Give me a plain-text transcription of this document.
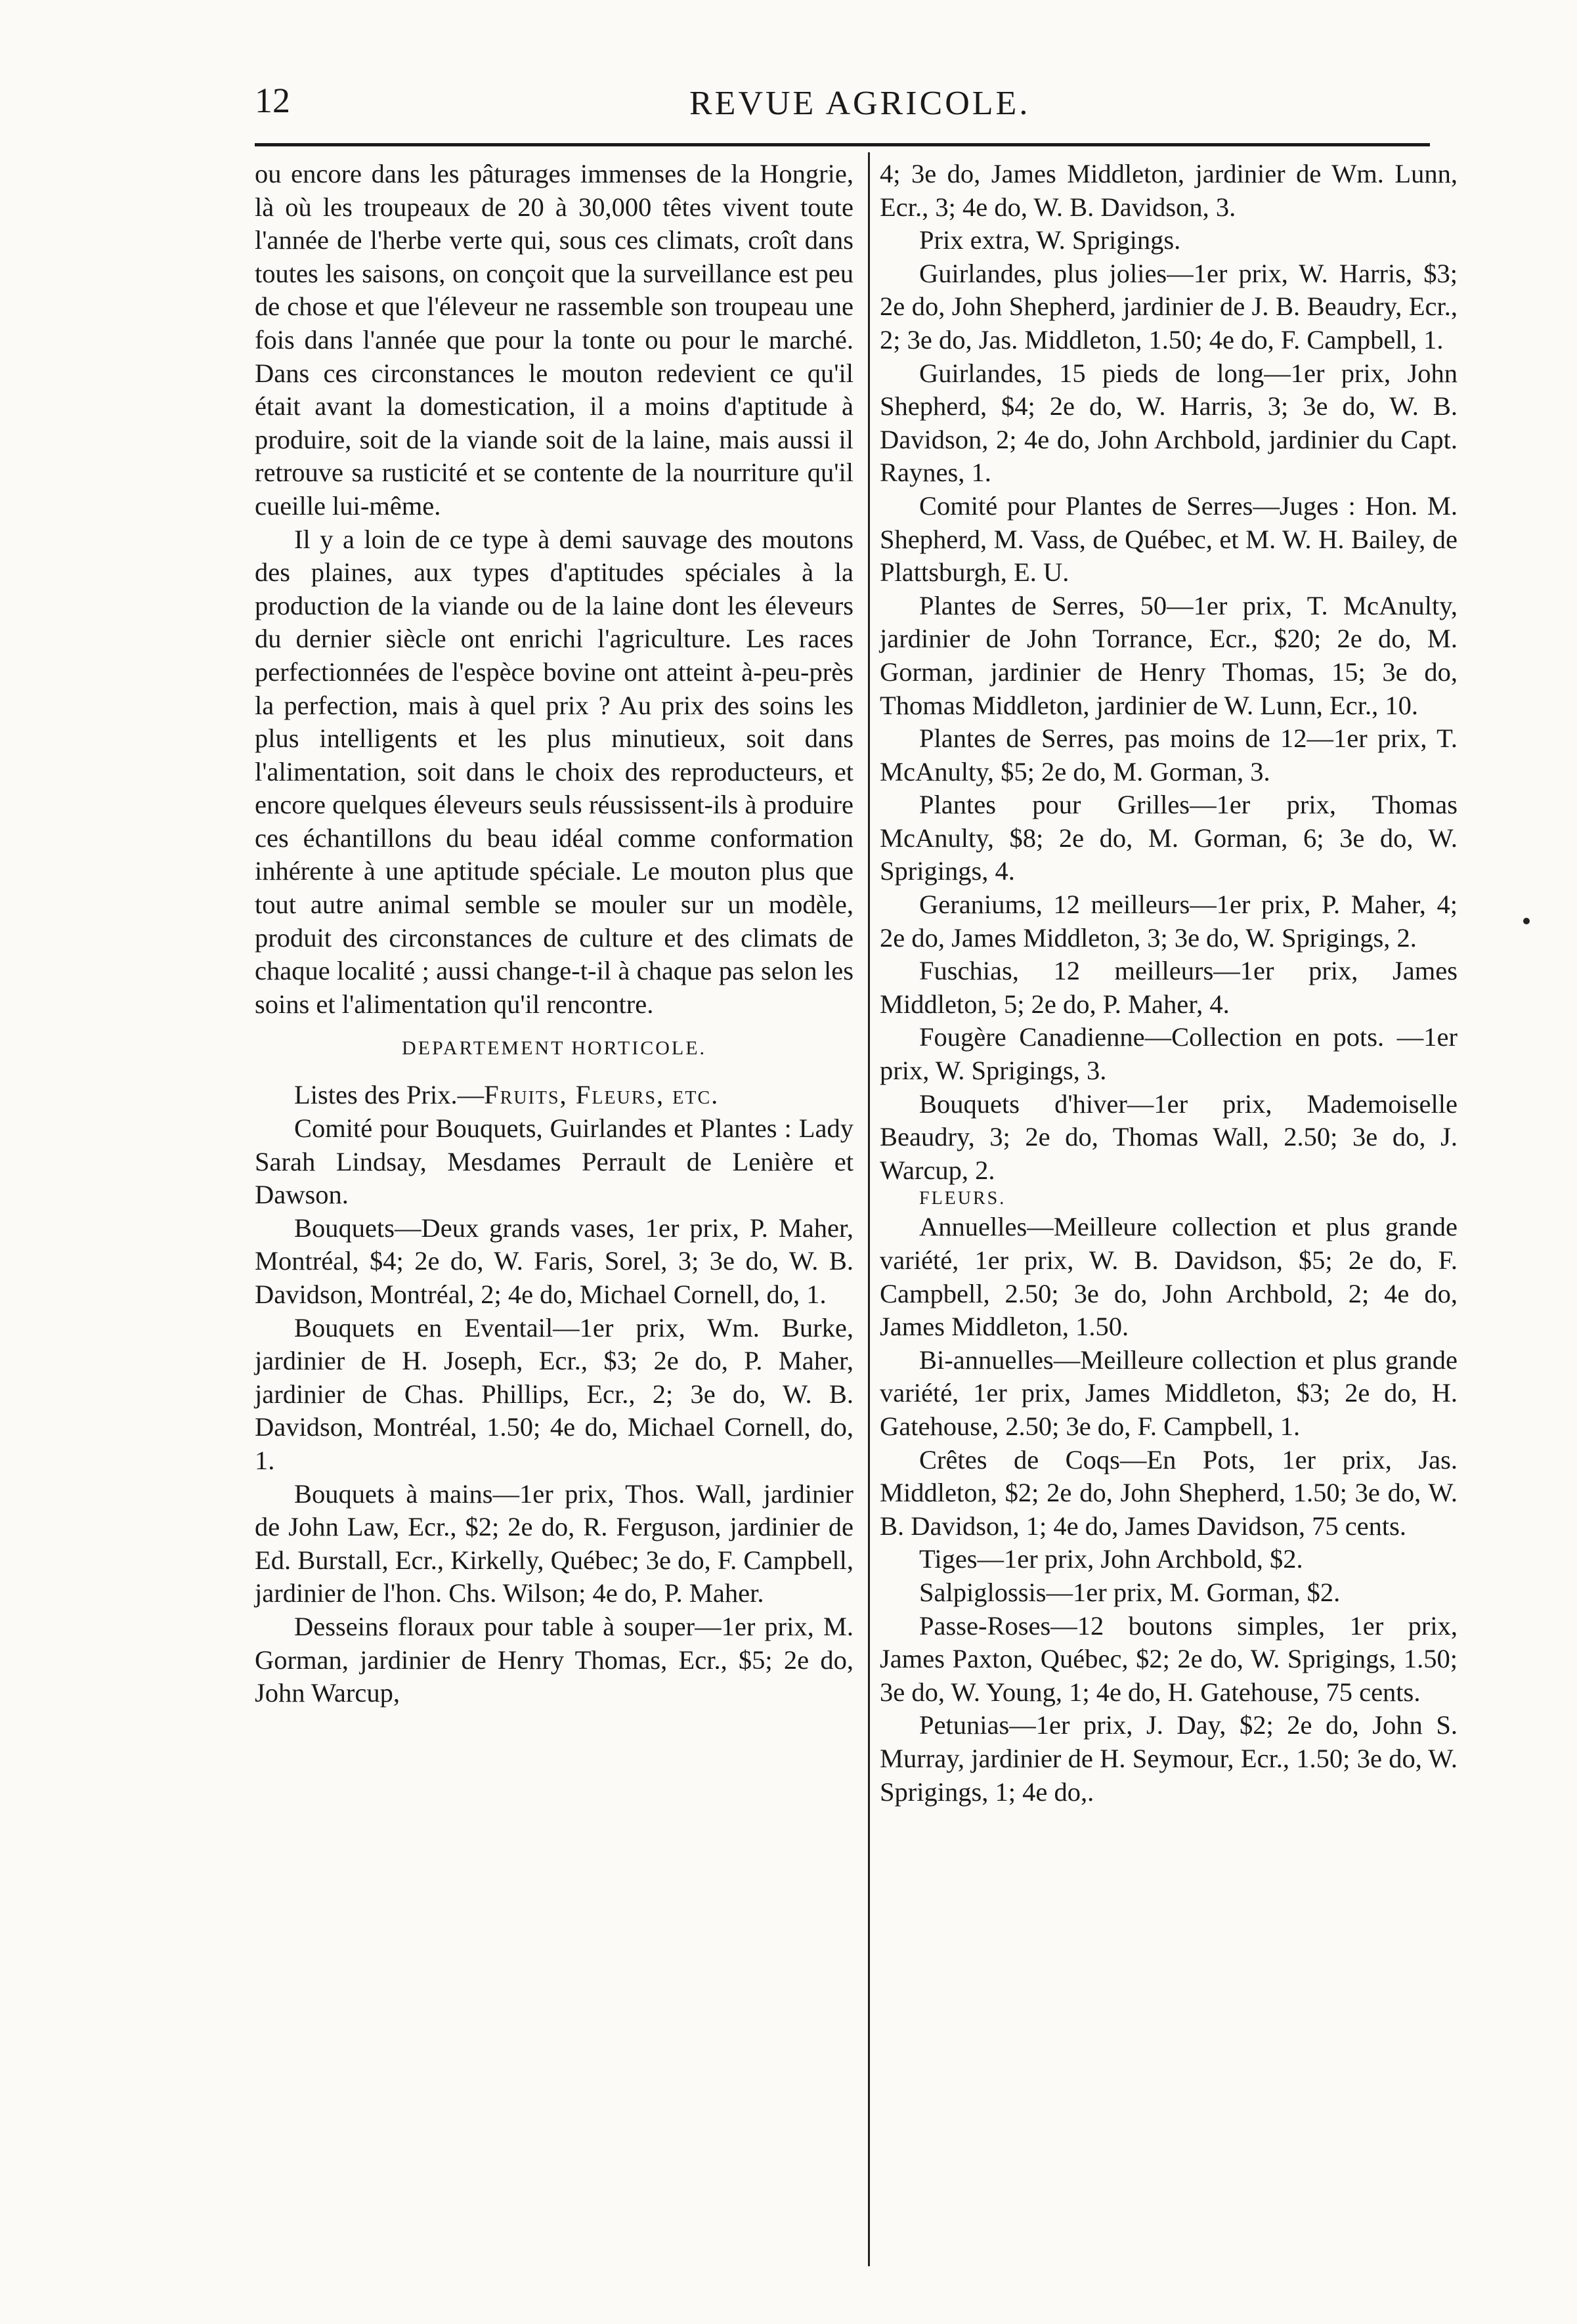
12	REVUE AGRICOLE.

ou encore dans les pâturages immenses de la Hongrie, là où les troupeaux de 20 à 30,000 têtes vivent toute l'année de l'herbe verte qui, sous ces climats, croît dans toutes les saisons, on conçoit que la surveillance est peu de chose et que l'éleveur ne rassemble son troupeau une fois dans l'année que pour la tonte ou pour le marché. Dans ces circonstances le mouton redevient ce qu'il était avant la domestication, il a moins d'aptitude à produire, soit de la viande soit de la laine, mais aussi il retrouve sa rusticité et se contente de la nourriture qu'il cueille lui-même.

Il y a loin de ce type à demi sauvage des moutons des plaines, aux types d'aptitudes spéciales à la production de la viande ou de la laine dont les éleveurs du dernier siècle ont enrichi l'agriculture. Les races perfectionnées de l'espèce bovine ont atteint à-peu-près la perfection, mais à quel prix ? Au prix des soins les plus intelligents et les plus minutieux, soit dans l'alimentation, soit dans le choix des reproducteurs, et encore quelques éleveurs seuls réussissent-ils à produire ces échantillons du beau idéal comme conformation inhérente à une aptitude spéciale. Le mouton plus que tout autre animal semble se mouler sur un modèle, produit des circonstances de culture et des climats de chaque localité ; aussi change-t-il à chaque pas selon les soins et l'alimentation qu'il rencontre.

DEPARTEMENT HORTICOLE.

Listes des Prix.—Fruits, Fleurs, etc.

Comité pour Bouquets, Guirlandes et Plantes : Lady Sarah Lindsay, Mesdames Perrault de Lenière et Dawson.

Bouquets—Deux grands vases, 1er prix, P. Maher, Montréal, $4; 2e do, W. Faris, Sorel, 3; 3e do, W. B. Davidson, Montréal, 2; 4e do, Michael Cornell, do, 1.

Bouquets en Eventail—1er prix, Wm. Burke, jardinier de H. Joseph, Ecr., $3; 2e do, P. Maher, jardinier de Chas. Phillips, Ecr., 2; 3e do, W. B. Davidson, Montréal, 1.50; 4e do, Michael Cornell, do, 1.

Bouquets à mains—1er prix, Thos. Wall, jardinier de John Law, Ecr., $2; 2e do, R. Ferguson, jardinier de Ed. Burstall, Ecr., Kirkelly, Québec; 3e do, F. Campbell, jardinier de l'hon. Chs. Wilson; 4e do, P. Maher.

Desseins floraux pour table à souper—1er prix, M. Gorman, jardinier de Henry Thomas, Ecr., $5; 2e do, John Warcup,

4; 3e do, James Middleton, jardinier de Wm. Lunn, Ecr., 3; 4e do, W. B. Davidson, 3.

Prix extra, W. Sprigings.

Guirlandes, plus jolies—1er prix, W. Harris, $3; 2e do, John Shepherd, jardinier de J. B. Beaudry, Ecr., 2; 3e do, Jas. Middleton, 1.50; 4e do, F. Campbell, 1.

Guirlandes, 15 pieds de long—1er prix, John Shepherd, $4; 2e do, W. Harris, 3; 3e do, W. B. Davidson, 2; 4e do, John Archbold, jardinier du Capt. Raynes, 1.

Comité pour Plantes de Serres—Juges : Hon. M. Shepherd, M. Vass, de Québec, et M. W. H. Bailey, de Plattsburgh, E. U.

Plantes de Serres, 50—1er prix, T. McAnulty, jardinier de John Torrance, Ecr., $20; 2e do, M. Gorman, jardinier de Henry Thomas, 15; 3e do, Thomas Middleton, jardinier de W. Lunn, Ecr., 10.

Plantes de Serres, pas moins de 12—1er prix, T. McAnulty, $5; 2e do, M. Gorman, 3.

Plantes pour Grilles—1er prix, Thomas McAnulty, $8; 2e do, M. Gorman, 6; 3e do, W. Sprigings, 4.

Geraniums, 12 meilleurs—1er prix, P. Maher, 4; 2e do, James Middleton, 3; 3e do, W. Sprigings, 2.

Fuschias, 12 meilleurs—1er prix, James Middleton, 5; 2e do, P. Maher, 4.

Fougère Canadienne—Collection en pots. —1er prix, W. Sprigings, 3.

Bouquets d'hiver—1er prix, Mademoiselle Beaudry, 3; 2e do, Thomas Wall, 2.50; 3e do, J. Warcup, 2.

FLEURS.

Annuelles—Meilleure collection et plus grande variété, 1er prix, W. B. Davidson, $5; 2e do, F. Campbell, 2.50; 3e do, John Archbold, 2; 4e do, James Middleton, 1.50.

Bi-annuelles—Meilleure collection et plus grande variété, 1er prix, James Middleton, $3; 2e do, H. Gatehouse, 2.50; 3e do, F. Campbell, 1.

Crêtes de Coqs—En Pots, 1er prix, Jas. Middleton, $2; 2e do, John Shepherd, 1.50; 3e do, W. B. Davidson, 1; 4e do, James Davidson, 75 cents.

Tiges—1er prix, John Archbold, $2.

Salpiglossis—1er prix, M. Gorman, $2.

Passe-Roses—12 boutons simples, 1er prix, James Paxton, Québec, $2; 2e do, W. Sprigings, 1.50; 3e do, W. Young, 1; 4e do, H. Gatehouse, 75 cents.

Petunias—1er prix, J. Day, $2; 2e do, John S. Murray, jardinier de H. Seymour, Ecr., 1.50; 3e do, W. Sprigings, 1; 4e do,.
